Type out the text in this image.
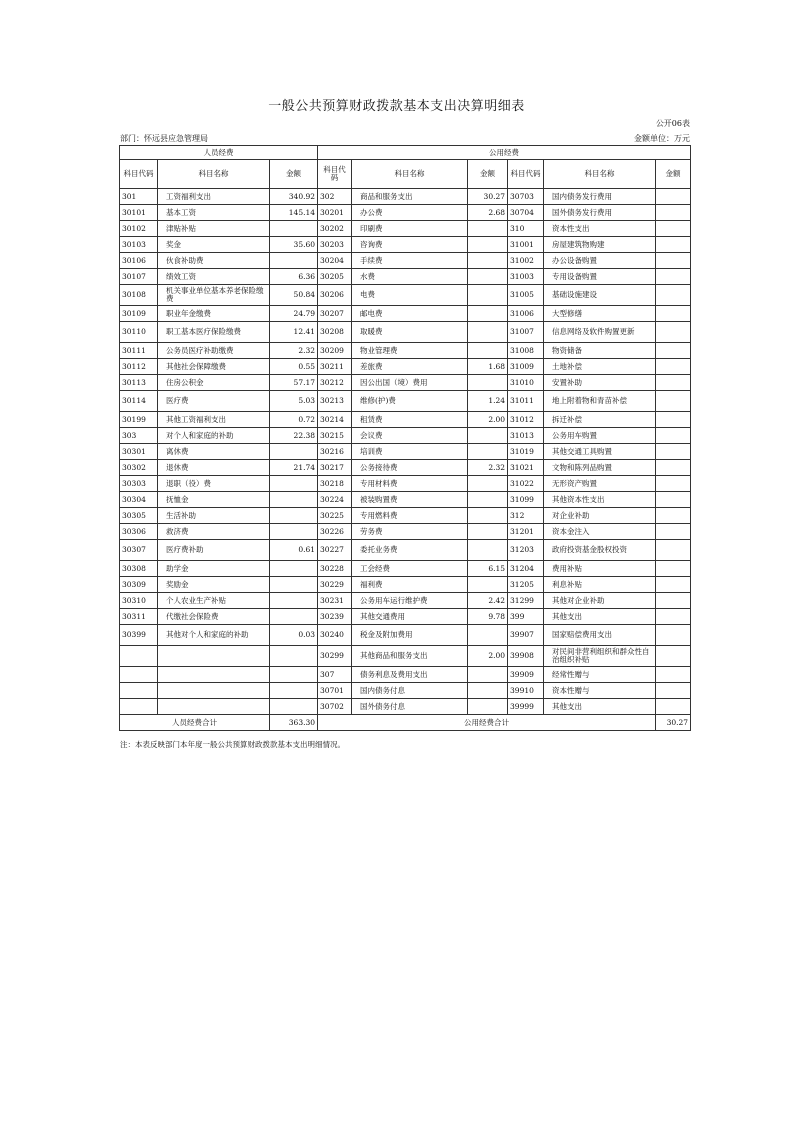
一般公共预算财政拨款基本支出决算明细表
公开06表
部门：怀远县应急管理局	金额单位：万元
人员经费			公用经费					
科目代码	科目名称	金额	科目代码	科目名称	金额	科目代码	科目名称	金额
301	工资福利支出	340.92	302	商品和服务支出	30.27	30703	国内债务发行费用	
30101	基本工资	145.14	30201	办公费	2.68	30704	国外债务发行费用	
30102	津贴补贴		30202	印刷费		310	资本性支出	
30103	奖金	35.60	30203	咨询费		31001	房屋建筑物购建	
30106	伙食补助费		30204	手续费		31002	办公设备购置	
30107	绩效工资	6.36	30205	水费		31003	专用设备购置	
30108	机关事业单位基本养老保险缴费	50.84	30206	电费		31005	基础设施建设	
30109	职业年金缴费	24.79	30207	邮电费		31006	大型修缮	
30110	职工基本医疗保险缴费	12.41	30208	取暖费		31007	信息网络及软件购置更新	
30111	公务员医疗补助缴费	2.32	30209	物业管理费		31008	物资储备	
30112	其他社会保障缴费	0.55	30211	差旅费	1.68	31009	土地补偿	
30113	住房公积金	57.17	30212	因公出国（境）费用		31010	安置补助	
30114	医疗费	5.03	30213	维修(护)费	1.24	31011	地上附着物和青苗补偿	
30199	其他工资福利支出	0.72	30214	租赁费	2.00	31012	拆迁补偿	
303	对个人和家庭的补助	22.38	30215	会议费		31013	公务用车购置	
30301	离休费		30216	培训费		31019	其他交通工具购置	
30302	退休费	21.74	30217	公务接待费	2.32	31021	文物和陈列品购置	
30303	退职（役）费		30218	专用材料费		31022	无形资产购置	
30304	抚恤金		30224	被装购置费		31099	其他资本性支出	
30305	生活补助		30225	专用燃料费		312	对企业补助	
30306	救济费		30226	劳务费		31201	资本金注入	
30307	医疗费补助	0.61	30227	委托业务费		31203	政府投资基金股权投资	
30308	助学金		30228	工会经费	6.15	31204	费用补贴	
30309	奖励金		30229	福利费		31205	利息补贴	
30310	个人农业生产补贴		30231	公务用车运行维护费	2.42	31299	其他对企业补助	
30311	代缴社会保险费		30239	其他交通费用	9.78	399	其他支出	
30399	其他对个人和家庭的补助	0.03	30240	税金及附加费用		39907	国家赔偿费用支出	
			30299	其他商品和服务支出	2.00	39908	对民间非营利组织和群众性自治组织补贴	
			307	债务利息及费用支出		39909	经常性赠与	
			30701	国内债务付息		39910	资本性赠与	
			30702	国外债务付息		39999	其他支出	
人员经费合计		363.30	公用经费合计					30.27
注：本表反映部门本年度一般公共预算财政拨款基本支出明细情况。
